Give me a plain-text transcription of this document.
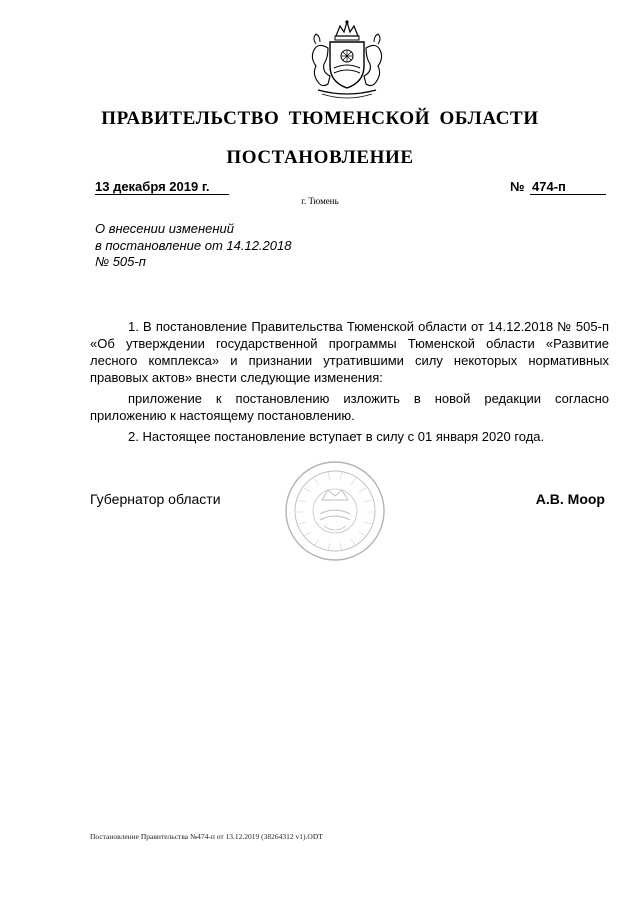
ПРАВИТЕЛЬСТВО ТЮМЕНСКОЙ ОБЛАСТИ
ПОСТАНОВЛЕНИЕ
13 декабря 2019 г.	№ 474-п
г. Тюмень
О внесении изменений
в постановление от 14.12.2018
№ 505-п

1. В постановление Правительства Тюменской области от 14.12.2018 № 505-п «Об утверждении государственной программы Тюменской области «Развитие лесного комплекса» и признании утратившими силу некоторых нормативных правовых актов» внести следующие изменения:

приложение к постановлению изложить в новой редакции согласно приложению к настоящему постановлению.

2. Настоящее постановление вступает в силу с 01 января 2020 года.

Губернатор области	А.В. Моор
Постановление Правительства №474-п от 13.12.2019 (38264312 v1).ODT
